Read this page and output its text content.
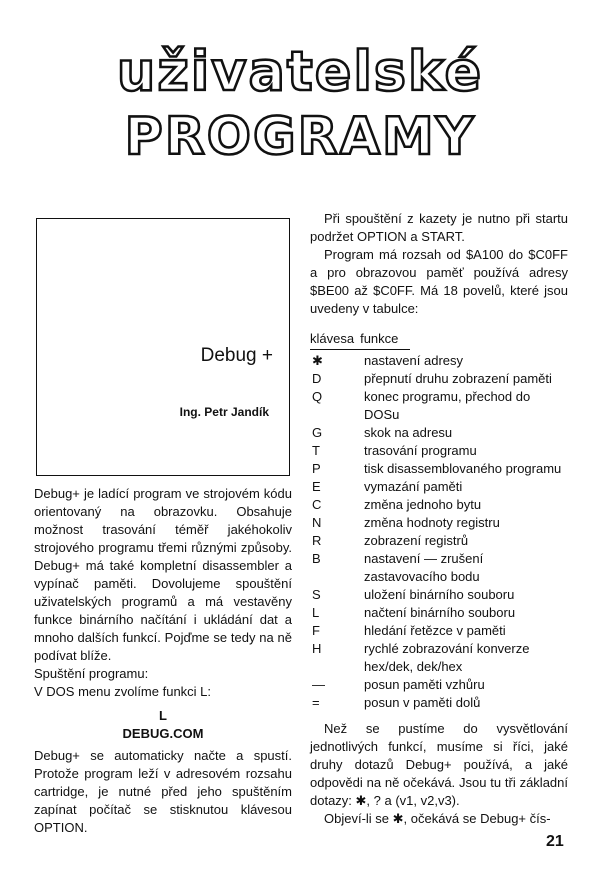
uživatelské
PROGRAMY
Debug +
Ing. Petr Jandík

Debug+ je ladící program ve strojovém kódu orientovaný na obrazovku. Obsahuje možnost trasování téměř jakéhokoliv strojového programu třemi různými způsoby. Debug+ má také kompletní disassembler a vypínač paměti. Dovolujeme spouštění uživatelských programů a má vestavěny funkce binárního načítání i ukládání dat a mnoho dalších funkcí. Pojďme se tedy na ně podívat blíže.

Spuštění programu:

V DOS menu zvolíme funkci L:

L

DEBUG.COM

Debug+ se automaticky načte a spustí. Protože program leží v adresovém rozsahu cartridge, je nutné před jeho spuštěním zapínat počítač se stisknutou klávesou OPTION.

Při spouštění z kazety je nutno při startu podržet OPTION a START.

Program má rozsah od $A100 do $C0FF a pro obrazovou paměť používá adresy $BE00 až $C0FF. Má 18 povelů, které jsou uvedeny v tabulce:

klávesa funkce
✱	nastavení adresy
D	přepnutí druhu zobrazení paměti
Q	konec programu, přechod do DOSu
G	skok na adresu
T	trasování programu
P	tisk disassemblovaného programu
E	vymazání paměti
C	změna jednoho bytu
N	změna hodnoty registru
R	zobrazení registrů
B	nastavení — zrušení zastavovacího bodu
S	uložení binárního souboru
L	načtení binárního souboru
F	hledání řetězce v paměti
H	rychlé zobrazování konverze hex/dek, dek/hex
—	posun paměti vzhůru
=	posun v paměti dolů

Než se pustíme do vysvětlování jednotlivých funkcí, musíme si říci, jaké druhy dotazů Debug+ používá, a jaké odpovědi na ně očekává. Jsou tu tři základní dotazy: ✱, ? a (v1, v2,v3).

Objeví-li se ✱, očekává se Debug+ čís-

21
